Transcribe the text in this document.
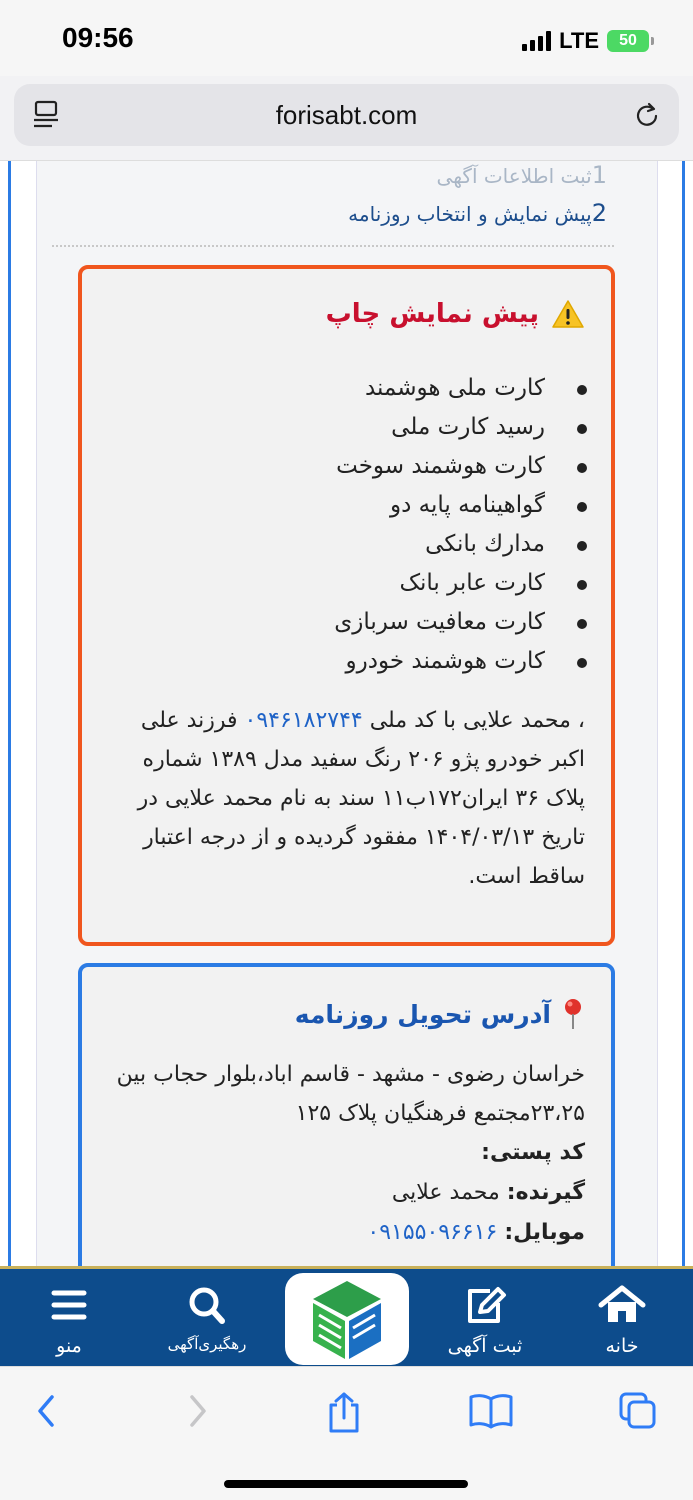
09:56	LTE 50
forisabt.com
1ثبت اطلاعات آگهی
2پیش نمایش و انتخاب روزنامه
پیش نمایش چاپ
کارت ملی هوشمند
رسید کارت ملی
کارت هوشمند سوخت
گواهینامه پایه دو
مدارك بانكی
کارت عابر بانک
کارت معافیت سربازی
کارت هوشمند خودرو

، محمد علایی با کد ملی ۰۹۴۶۱۸۲۷۴۴ فرزند علی اکبر خودرو پژو ۲۰۶ رنگ سفید مدل ۱۳۸۹ شماره پلاک ۳۶ ایران۱۷۲ب۱۱ سند به نام محمد علایی در تاریخ ۱۴۰۴/۰۳/۱۳ مفقود گردیده و از درجه اعتبار ساقط است.

آدرس تحویل روزنامه
خراسان رضوی - مشهد - قاسم اباد،بلوار حجاب بین ۲۳،۲۵مجتمع فرهنگیان پلاک ۱۲۵
کد پستی:
گیرنده: محمد علایی
موبایل: ۰۹۱۵۵۰۹۶۶۱۶
خانه
ثبت آگهی
رهگیری‌آگهی
منو
